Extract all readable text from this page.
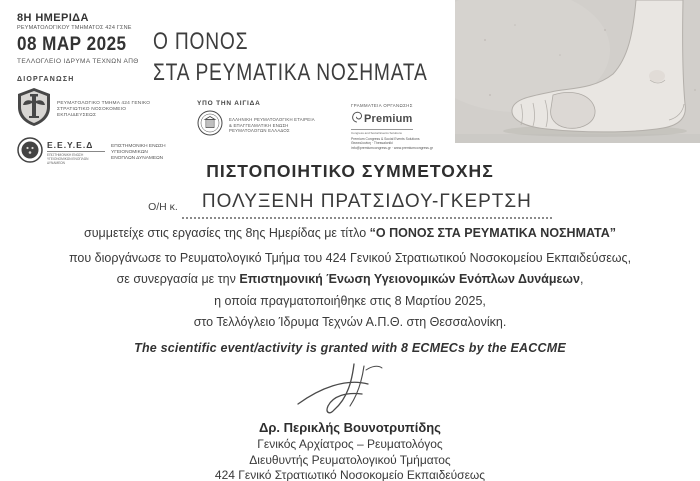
8Η ΗΜΕΡΙΔΑ
ΡΕΥΜΑΤΟΛΟΓΙΚΟΥ ΤΜΗΜΑΤΟΣ 424 ΓΣΝΕ
08 ΜΑΡ 2025
ΤΕΛΛΟΓΛΕΙΟ ΙΔΡΥΜΑ ΤΕΧΝΩΝ ΑΠΘ
ΔΙΟΡΓΑΝΩΣΗ
ΡΕΥΜΑΤΟΛΟΓΙΚΟ ΤΜΗΜΑ 424 ΓΕΝΙΚΟ
ΣΤΡΑΤΙΩΤΙΚΟ ΝΟΣΟΚΟΜΕΙΟ
ΕΚΠΑΙΔΕΥΣΕΩΣ
Ε.Ε.Υ.Ε.Δ
ΕΠΙΣΤΗΜΟΝΙΚΗ ΕΝΩΣΗ ΥΓΕΙΟΝΟΜΙΚΩΝ ΕΝΟΠΛΩΝ ΔΥΝΑΜΕΩΝ
ΕΠΙΣΤΗΜΟΝΙΚΗ ΕΝΩΣΗ ΥΓΕΙΟΝΟΜΙΚΩΝ
ΕΝΟΠΛΩΝ ΔΥΝΑΜΕΩΝ
Ο ΠΟΝΟΣ
ΣΤΑ ΡΕΥΜΑΤΙΚΑ ΝΟΣΗΜΑΤΑ
ΥΠΟ ΤΗΝ ΑΙΓΙΔΑ
ΕΛΛΗΝΙΚΗ ΡΕΥΜΑΤΟΛΟΓΙΚΗ ΕΤΑΙΡΕΙΑ
& ΕΠΑΓΓΕΛΜΑΤΙΚΗ ΕΝΩΣΗ
ΡΕΥΜΑΤΟΛΟΓΩΝ ΕΛΛΑΔΟΣ
ΓΡΑΜΜΑΤΕΙΑ ΟΡΓΑΝΩΣΗΣ
Premium
Congress and Social Events Solutions
Premium Congress & Social Events Solutions
Θεσσαλονίκη · Thessaloniki
info@premiumcongress.gr · www.premiumcongress.gr
ΠΙΣΤΟΠΟΙΗΤΙΚΟ ΣΥΜΜΕΤΟΧΗΣ
Ο/Η κ.	ΠΟΛΥΞΕΝΗ ΠΡΑΤΣΙΔΟΥ-ΓΚΕΡΤΣΗ
συμμετείχε στις εργασίες της 8ης Ημερίδας με τίτλο “Ο ΠΟΝΟΣ ΣΤΑ ΡΕΥΜΑΤΙΚΑ ΝΟΣΗΜΑΤΑ”
που διοργάνωσε το Ρευματολογικό Τμήμα του 424 Γενικού Στρατιωτικού Νοσοκομείου Εκπαιδεύσεως,
σε συνεργασία με την Επιστημονική Ένωση Υγειονομικών Ενόπλων Δυνάμεων,
η οποία πραγματοποιήθηκε στις 8 Μαρτίου 2025,
στο Τελλόγλειο Ίδρυμα Τεχνών Α.Π.Θ. στη Θεσσαλονίκη.
The scientific event/activity is granted with 8 ECMECs by the EACCME
Δρ. Περικλής Βουνοτρυπίδης
Γενικός Αρχίατρος – Ρευματολόγος
Διευθυντής Ρευματολογικού Τμήματος
424 Γενικό Στρατιωτικό Νοσοκομείο Εκπαιδεύσεως
